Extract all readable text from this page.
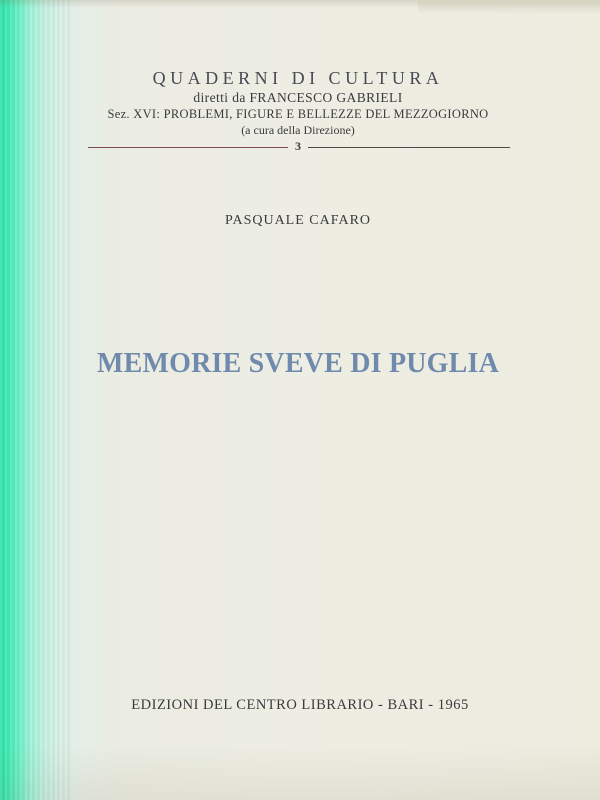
QUADERNI DI CULTURA
diretti da FRANCESCO GABRIELI
Sez. XVI: PROBLEMI, FIGURE E BELLEZZE DEL MEZZOGIORNO
(a cura della Direzione)
3
PASQUALE CAFARO
MEMORIE SVEVE DI PUGLIA
EDIZIONI DEL CENTRO LIBRARIO - BARI - 1965
